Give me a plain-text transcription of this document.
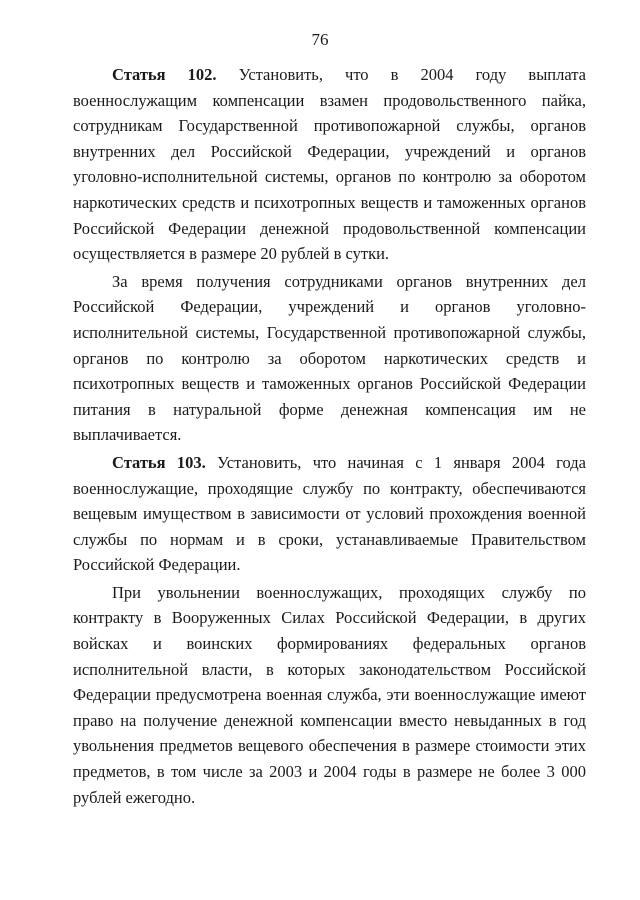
76

Статья 102. Установить, что в 2004 году выплата военнослужащим компенсации взамен продовольственного пайка, сотрудникам Государственной противопожарной службы, органов внутренних дел Российской Федерации, учреждений и органов уголовно-исполнительной системы, органов по контролю за оборотом наркотических средств и психотропных веществ и таможенных органов Российской Федерации денежной продовольственной компенсации осуществляется в размере 20 рублей в сутки.

За время получения сотрудниками органов внутренних дел Российской Федерации, учреждений и органов уголовно-исполнительной системы, Государственной противопожарной службы, органов по контролю за оборотом наркотических средств и психотропных веществ и таможенных органов Российской Федерации питания в натуральной форме денежная компенсация им не выплачивается.

Статья 103. Установить, что начиная с 1 января 2004 года военнослужащие, проходящие службу по контракту, обеспечиваются вещевым имуществом в зависимости от условий прохождения военной службы по нормам и в сроки, устанавливаемые Правительством Российской Федерации.

При увольнении военнослужащих, проходящих службу по контракту в Вооруженных Силах Российской Федерации, в других войсках и воинских формированиях федеральных органов исполнительной власти, в которых законодательством Российской Федерации предусмотрена военная служба, эти военнослужащие имеют право на получение денежной компенсации вместо невыданных в год увольнения предметов вещевого обеспечения в размере стоимости этих предметов, в том числе за 2003 и 2004 годы в размере не более 3 000 рублей ежегодно.
